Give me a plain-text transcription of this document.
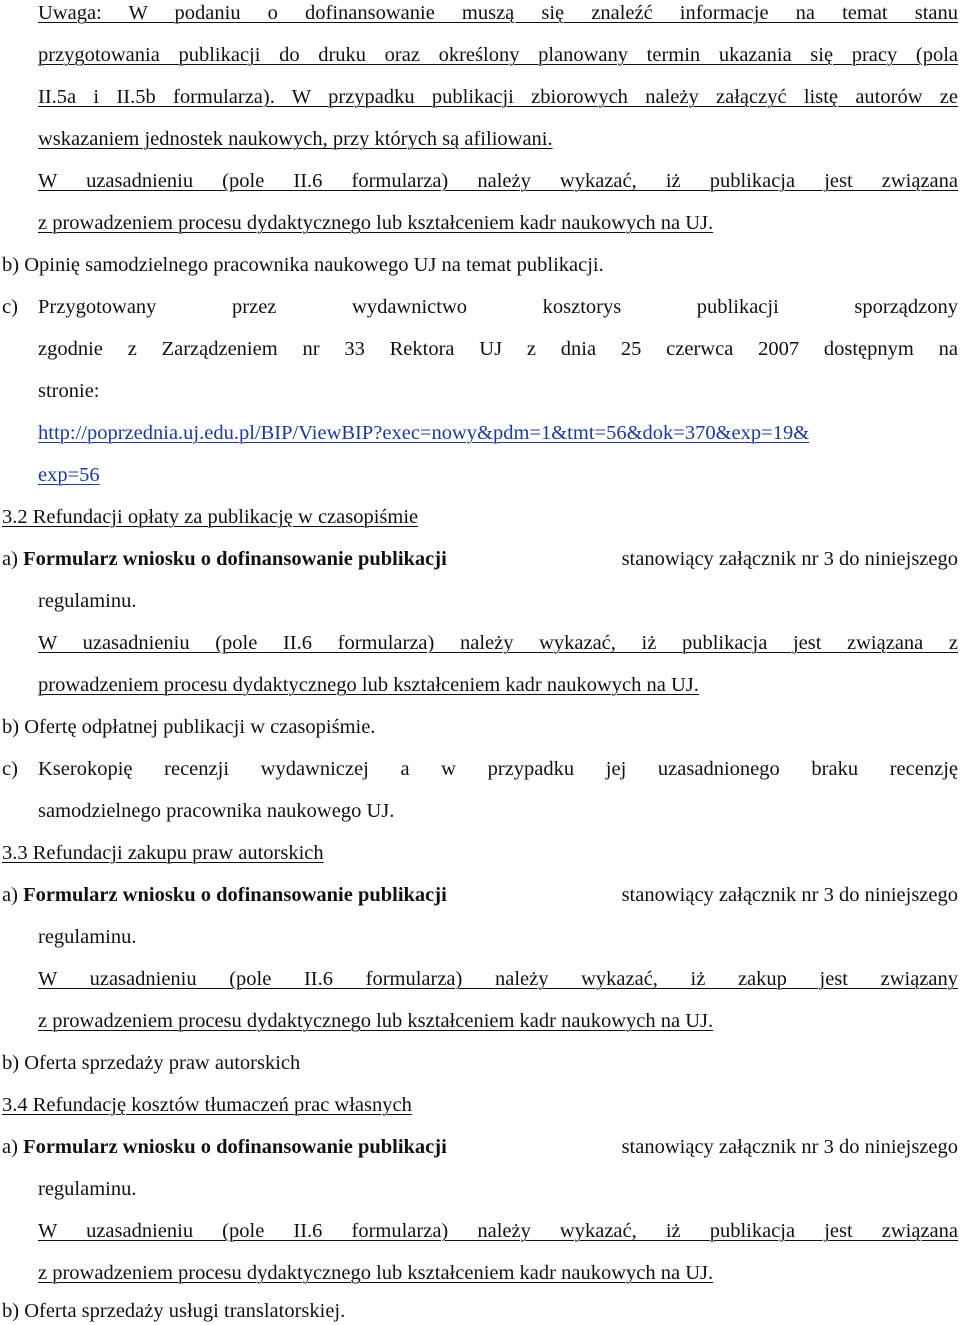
Uwaga: W podaniu o dofinansowanie muszą się znaleźć informacje na temat stanu
przygotowania publikacji do druku oraz określony planowany termin ukazania się pracy (pola
II.5a i II.5b formularza). W przypadku publikacji zbiorowych należy załączyć listę autorów ze
wskazaniem jednostek naukowych, przy których są afiliowani.
W uzasadnieniu (pole II.6 formularza) należy wykazać, iż publikacja jest związana
z prowadzeniem procesu dydaktycznego lub kształceniem kadr naukowych na UJ.
b) Opinię samodzielnego pracownika naukowego UJ na temat publikacji.
c) Przygotowany przez wydawnictwo kosztorys publikacji sporządzony
zgodnie z Zarządzeniem nr 33 Rektora UJ z dnia 25 czerwca 2007 dostępnym na
stronie:
http://poprzednia.uj.edu.pl/BIP/ViewBIP?exec=nowy&pdm=1&tmt=56&dok=370&exp=19&
exp=56
3.2 Refundacji opłaty za publikację w czasopiśmie
a) Formularz wniosku o dofinansowanie publikacji	stanowiący załącznik nr 3 do niniejszego
regulaminu.
W uzasadnieniu (pole II.6 formularza) należy wykazać, iż publikacja jest związana z
prowadzeniem procesu dydaktycznego lub kształceniem kadr naukowych na UJ.
b) Ofertę odpłatnej publikacji w czasopiśmie.
c) Kserokopię recenzji wydawniczej a w przypadku jej uzasadnionego braku recenzję
samodzielnego pracownika naukowego UJ.
3.3 Refundacji zakupu praw autorskich
a) Formularz wniosku o dofinansowanie publikacji	stanowiący załącznik nr 3 do niniejszego
regulaminu.
W uzasadnieniu (pole II.6 formularza) należy wykazać, iż zakup jest związany
z prowadzeniem procesu dydaktycznego lub kształceniem kadr naukowych na UJ.
b) Oferta sprzedaży praw autorskich
3.4 Refundację kosztów tłumaczeń prac własnych
a) Formularz wniosku o dofinansowanie publikacji	stanowiący załącznik nr 3 do niniejszego
regulaminu.
W uzasadnieniu (pole II.6 formularza) należy wykazać, iż publikacja jest związana
z prowadzeniem procesu dydaktycznego lub kształceniem kadr naukowych na UJ.
b) Oferta sprzedaży usługi translatorskiej.
